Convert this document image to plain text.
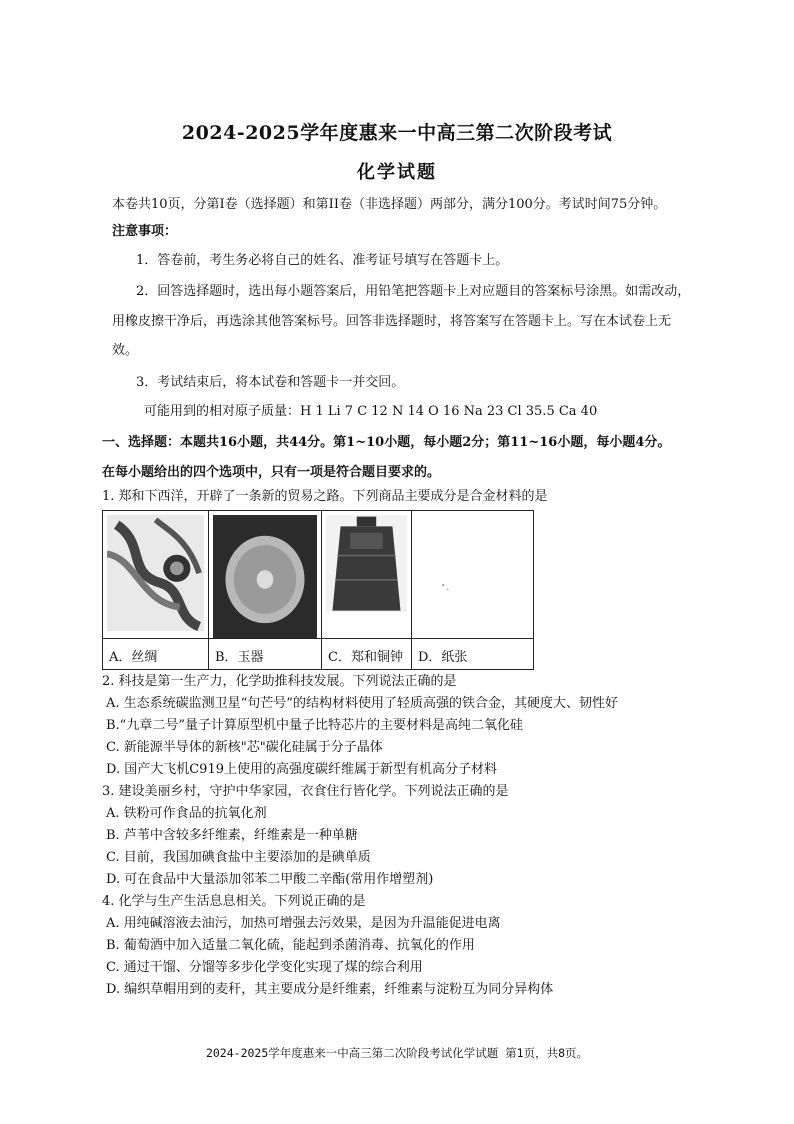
2024-2025学年度惠来一中高三第二次阶段考试
化学试题
本卷共10页，分第I卷（选择题）和第II卷（非选择题）两部分，满分100分。考试时间75分钟。
注意事项：
1．答卷前，考生务必将自己的姓名、准考证号填写在答题卡上。
2．回答选择题时，选出每小题答案后，用铅笔把答题卡上对应题目的答案标号涂黑。如需改动，
用橡皮擦干净后，再选涂其他答案标号。回答非选择题时，将答案写在答题卡上。写在本试卷上无
效。
3．考试结束后，将本试卷和答题卡一并交回。
可能用到的相对原子质量：H 1 Li 7 C 12 N 14 O 16 Na 23 Cl 35.5 Ca 40
一、选择题：本题共16小题，共44分。第1~10小题，每小题2分；第11~16小题，每小题4分。
在每小题给出的四个选项中，只有一项是符合题目要求的。
1. 郑和下西洋，开辟了一条新的贸易之路。下列商品主要成分是合金材料的是
A．丝绸	B．玉器	C．郑和铜钟	D．纸张
2. 科技是第一生产力，化学助推科技发展。下列说法正确的是
A. 生态系统碳监测卫星“句芒号”的结构材料使用了轻质高强的铁合金，其硬度大、韧性好
B.“九章二号”量子计算原型机中量子比特芯片的主要材料是高纯二氧化硅
C. 新能源半导体的新核"芯"碳化硅属于分子晶体
D. 国产大飞机C919上使用的高强度碳纤维属于新型有机高分子材料
3. 建设美丽乡村，守护中华家园，衣食住行皆化学。下列说法正确的是
A. 铁粉可作食品的抗氧化剂
B. 芦苇中含较多纤维素，纤维素是一种单糖
C. 目前，我国加碘食盐中主要添加的是碘单质
D. 可在食品中大量添加邻苯二甲酸二辛酯(常用作增塑剂)
4. 化学与生产生活息息相关。下列说正确的是
A. 用纯碱溶液去油污，加热可增强去污效果，是因为升温能促进电离
B. 葡萄酒中加入适量二氧化硫，能起到杀菌消毒、抗氧化的作用
C. 通过干馏、分馏等多步化学变化实现了煤的综合利用
D. 编织草帽用到的麦秆，其主要成分是纤维素，纤维素与淀粉互为同分异构体
2024-2025学年度惠来一中高三第二次阶段考试化学试题 第1页，共8页。
